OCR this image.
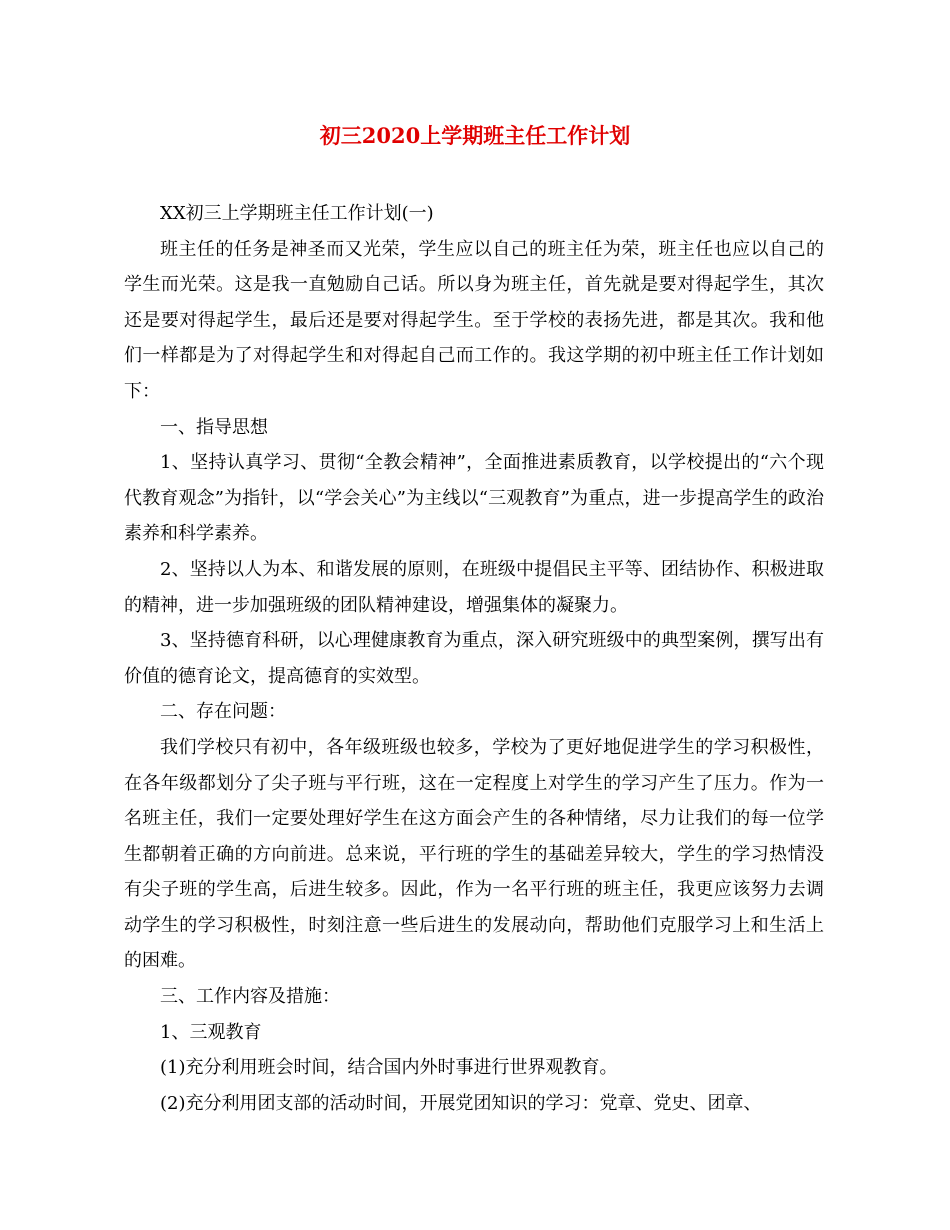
初三2020上学期班主任工作计划

XX初三上学期班主任工作计划(一)

班主任的任务是神圣而又光荣，学生应以自己的班主任为荣，班主任也应以自己的学生而光荣。这是我一直勉励自己话。所以身为班主任，首先就是要对得起学生，其次还是要对得起学生，最后还是要对得起学生。至于学校的表扬先进，都是其次。我和他们一样都是为了对得起学生和对得起自己而工作的。我这学期的初中班主任工作计划如下：

一、指导思想

1、坚持认真学习、贯彻“全教会精神”，全面推进素质教育，以学校提出的“六个现代教育观念”为指针，以“学会关心”为主线以“三观教育”为重点，进一步提高学生的政治素养和科学素养。

2、坚持以人为本、和谐发展的原则，在班级中提倡民主平等、团结协作、积极进取的精神，进一步加强班级的团队精神建设，增强集体的凝聚力。

3、坚持德育科研，以心理健康教育为重点，深入研究班级中的典型案例，撰写出有价值的德育论文，提高德育的实效型。

二、存在问题：

我们学校只有初中，各年级班级也较多，学校为了更好地促进学生的学习积极性，在各年级都划分了尖子班与平行班，这在一定程度上对学生的学习产生了压力。作为一名班主任，我们一定要处理好学生在这方面会产生的各种情绪，尽力让我们的每一位学生都朝着正确的方向前进。总来说，平行班的学生的基础差异较大，学生的学习热情没有尖子班的学生高，后进生较多。因此，作为一名平行班的班主任，我更应该努力去调动学生的学习积极性，时刻注意一些后进生的发展动向，帮助他们克服学习上和生活上的困难。

三、工作内容及措施：

1、三观教育

(1)充分利用班会时间，结合国内外时事进行世界观教育。

(2)充分利用团支部的活动时间，开展党团知识的学习：党章、党史、团章、
